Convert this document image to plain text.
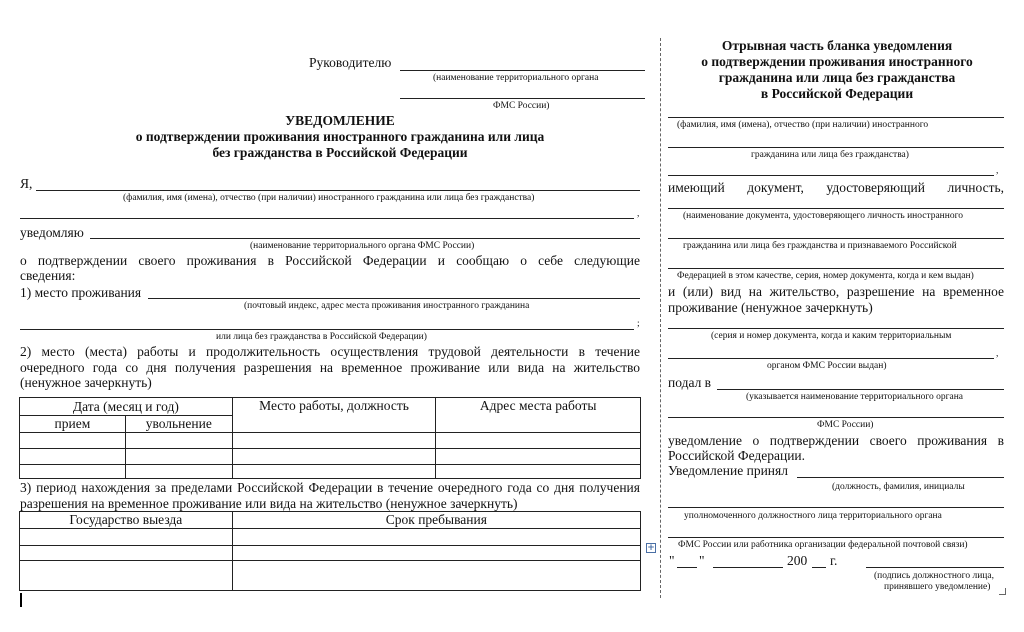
Руководителю
(наименование территориального органа
ФМС России)
УВЕДОМЛЕНИЕ
о подтверждении проживания иностранного гражданина или лица
без гражданства в Российской Федерации
Я,
(фамилия, имя (имена), отчество (при наличии) иностранного гражданина или лица без гражданства)
,
уведомляю
(наименование территориального органа ФМС России)
о подтверждении своего проживания в Российской Федерации и сообщаю о себе следующие
сведения:
1) место проживания
(почтовый индекс, адрес места проживания иностранного гражданина
;
или лица без гражданства в Российской Федерации)
2) место (места) работы и продолжительность осуществления трудовой деятельности в течение
очередного года со дня получения разрешения на временное проживание или вида на жительство
(ненужное зачеркнуть)
Дата (месяц и год)		Место работы, должность	Адрес места работы
прием	увольнение		

3) период нахождения за пределами Российской Федерации в течение очередного года со дня получения
разрешения на временное проживание или вида на жительство (ненужное зачеркнуть)
Государство выезда	Срок пребывания

+
Отрывная часть бланка уведомления
о подтверждении проживания иностранного
гражданина или лица без гражданства
в Российской Федерации
(фамилия, имя (имена), отчество (при наличии) иностранного
гражданина или лица без гражданства)
,
имеющий документ, удостоверяющий личность,
(наименование документа, удостоверяющего личность иностранного
гражданина или лица без гражданства и признаваемого Российской
Федерацией в этом качестве, серия, номер документа, когда и кем выдан)
и (или) вид на жительство, разрешение на временное
проживание (ненужное зачеркнуть)
(серия и номер документа, когда и каким территориальным
,
органом ФМС России выдан)
подал в
(указывается наименование территориального органа
ФМС России)
уведомление о подтверждении своего проживания в
Российской Федерации.
Уведомление принял
(должность, фамилия, инициалы
уполномоченного должностного лица территориального органа
ФМС России или работника организации федеральной почтовой связи)
" "	200 г.
(подпись должностного лица,
принявшего уведомление)
